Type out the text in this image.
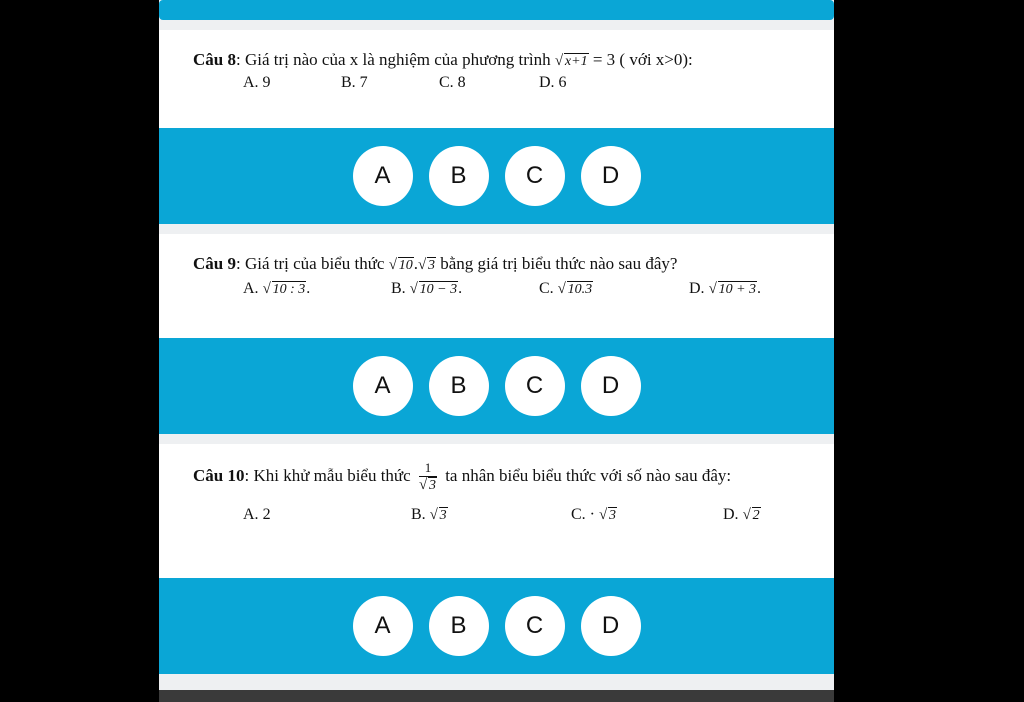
Câu 8: Giá trị nào của x là nghiệm của phương trình √ x+1 = 3 ( với x>0):
A. 9	B. 7	C. 8	D. 6
A	B	C	D
Câu 9: Giá trị của biểu thức √ 10. √ 3 bằng giá trị biểu thức nào sau đây?
A. √ 10 : 3.	B. √ 10 − 3.	C. √ 10.3	D. √ 10 + 3.
A	B	C	D
Câu 10: Khi khử mẫu biểu thức $\frac{1}{√ 3}$ ta nhân biểu biểu thức với số nào sau đây:
A. 2	B. √ 3	C. · √ 3	D. √ 2
A	B	C	D
